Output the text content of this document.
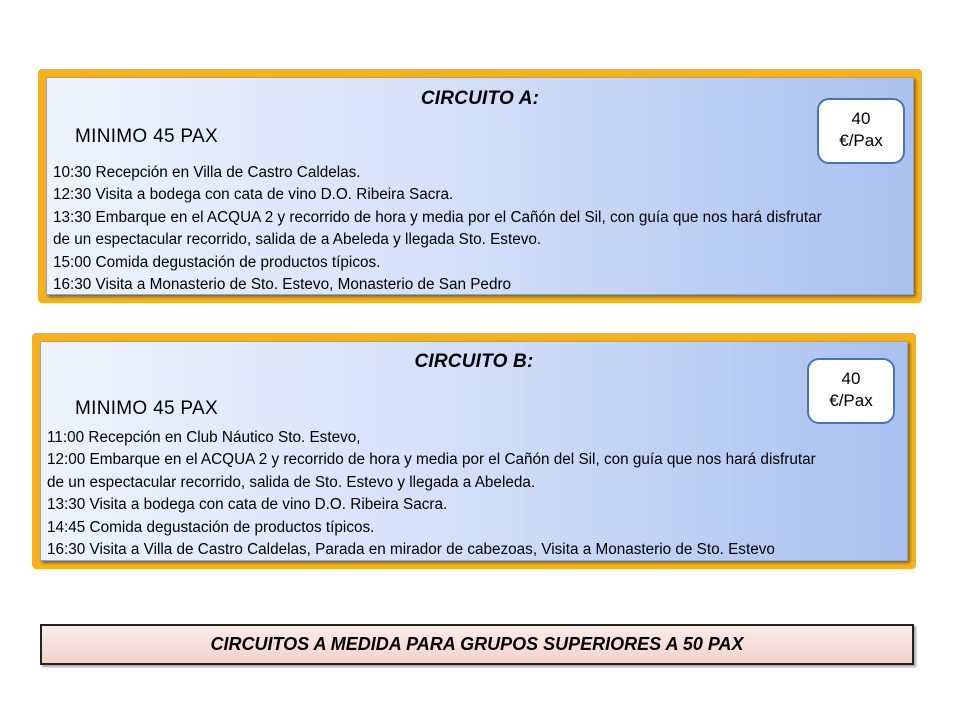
CIRCUITO A:
MINIMO 45 PAX
40
€/Pax
10:30 Recepción en Villa de Castro Caldelas.
12:30 Visita a bodega con cata de vino D.O. Ribeira Sacra.
13:30 Embarque en el ACQUA 2 y recorrido de hora y media por el Cañón del Sil, con guía que nos hará disfrutar
de un espectacular recorrido, salida de a Abeleda y llegada Sto. Estevo.
15:00 Comida degustación de productos típicos.
16:30 Visita a Monasterio de Sto. Estevo, Monasterio de San Pedro
CIRCUITO B:
MINIMO 45 PAX
40
€/Pax
11:00 Recepción en Club Náutico Sto. Estevo,
12:00 Embarque en el ACQUA 2 y recorrido de hora y media por el Cañón del Sil, con guía que nos hará disfrutar
de un espectacular recorrido, salida de Sto. Estevo y llegada a Abeleda.
13:30 Visita a bodega con cata de vino D.O. Ribeira Sacra.
14:45 Comida degustación de productos típicos.
16:30 Visita a Villa de Castro Caldelas, Parada en mirador de cabezoas, Visita a Monasterio de Sto. Estevo
CIRCUITOS A MEDIDA PARA GRUPOS SUPERIORES A 50 PAX
